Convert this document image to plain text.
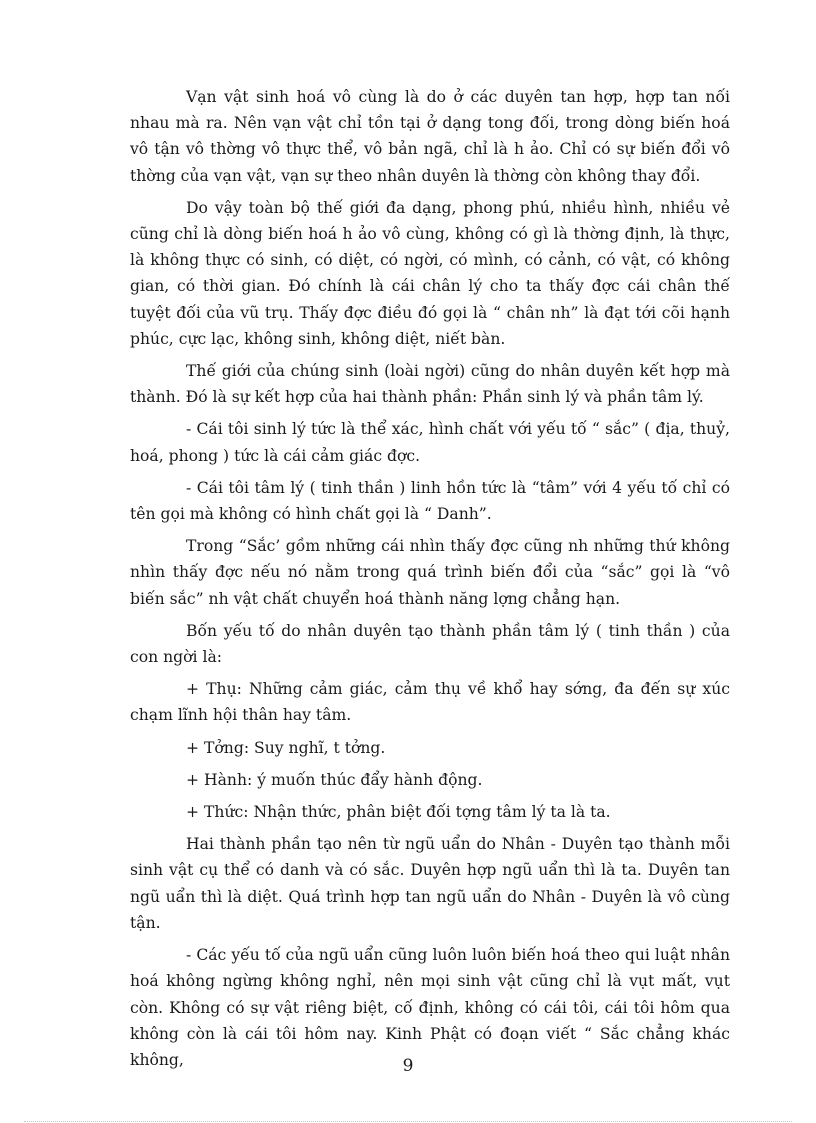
Vạn vật sinh hoá vô cùng là do ở các duyên tan hợp, hợp tan nối nhau mà ra. Nên vạn vật chỉ tồn tại ở dạng tong đối, trong dòng biến hoá vô tận vô thờng vô thực thể, vô bản ngã, chỉ là h ảo. Chỉ có sự biến đổi vô thờng của vạn vật, vạn sự theo nhân duyên là thờng còn không thay đổi.

Do vậy toàn bộ thế giới đa dạng, phong phú, nhiều hình, nhiều vẻ cũng chỉ là dòng biến hoá h ảo vô cùng, không có gì là thờng định, là thực, là không thực có sinh, có diệt, có ngời, có mình, có cảnh, có vật, có không gian, có thời gian. Đó chính là cái chân lý cho ta thấy đợc cái chân thế tuyệt đối của vũ trụ. Thấy đợc điều đó gọi là “ chân nh” là đạt tới cõi hạnh phúc, cực lạc, không sinh, không diệt, niết bàn.

Thế giới của chúng sinh (loài ngời) cũng do nhân duyên kết hợp mà thành. Đó là sự kết hợp của hai thành phần: Phần sinh lý và phần tâm lý.

- Cái tôi sinh lý tức là thể xác, hình chất với yếu tố “ sắc” ( địa, thuỷ, hoá, phong ) tức là cái cảm giác đợc.

- Cái tôi tâm lý ( tinh thần ) linh hồn tức là “tâm” với 4 yếu tố chỉ có tên gọi mà không có hình chất gọi là “ Danh”.

Trong “Sắc’ gồm những cái nhìn thấy đợc cũng nh những thứ không nhìn thấy đợc nếu nó nằm trong quá trình biến đổi của “sắc” gọi là “vô biến sắc” nh vật chất chuyển hoá thành năng lợng chẳng hạn.

Bốn yếu tố do nhân duyên tạo thành phần tâm lý ( tinh thần ) của con ngời là:

+ Thụ: Những cảm giác, cảm thụ về khổ hay sớng, đa đến sự xúc chạm lĩnh hội thân hay tâm.

+ Tởng: Suy nghĩ, t tởng.

+ Hành: ý muốn thúc đẩy hành động.

+ Thức: Nhận thức, phân biệt đối tợng tâm lý ta là ta.

Hai thành phần tạo nên từ ngũ uẩn do Nhân - Duyên tạo thành mỗi sinh vật cụ thể có danh và có sắc. Duyên hợp ngũ uẩn thì là ta. Duyên tan ngũ uẩn thì là diệt. Quá trình hợp tan ngũ uẩn do Nhân - Duyên là vô cùng tận.

- Các yếu tố của ngũ uẩn cũng luôn luôn biến hoá theo qui luật nhân hoá không ngừng không nghỉ, nên mọi sinh vật cũng chỉ là vụt mất, vụt còn. Không có sự vật riêng biệt, cố định, không có cái tôi, cái tôi hôm qua không còn là cái tôi hôm nay. Kinh Phật có đoạn viết “ Sắc chẳng khác không,	9
